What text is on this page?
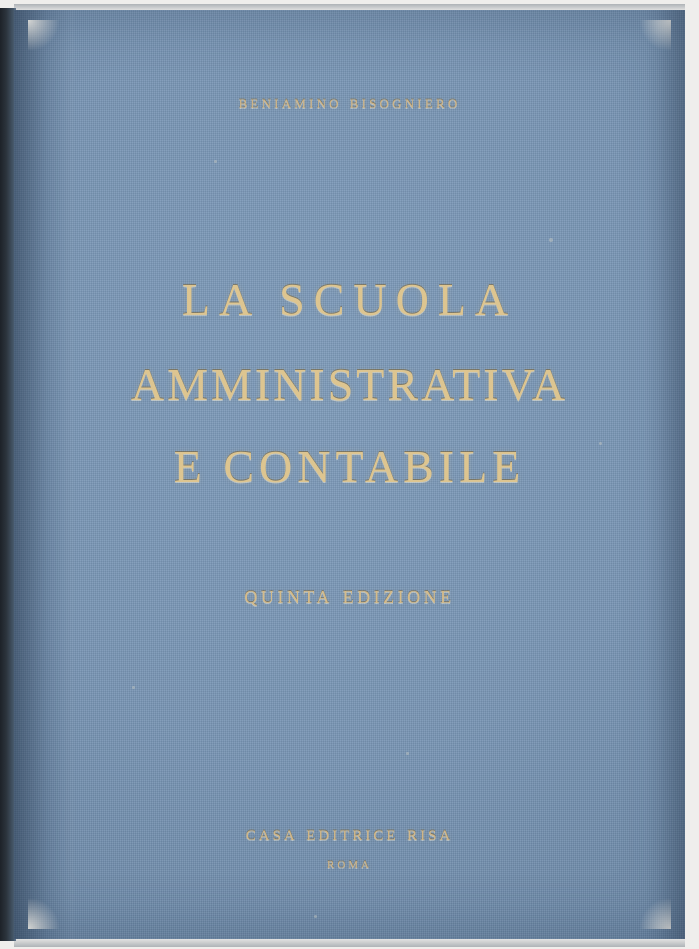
beniamino bisogniero
LA SCUOLA
AMMINISTRATIVA
E CONTABILE
quinta edizione
casa editrice risa
roma
